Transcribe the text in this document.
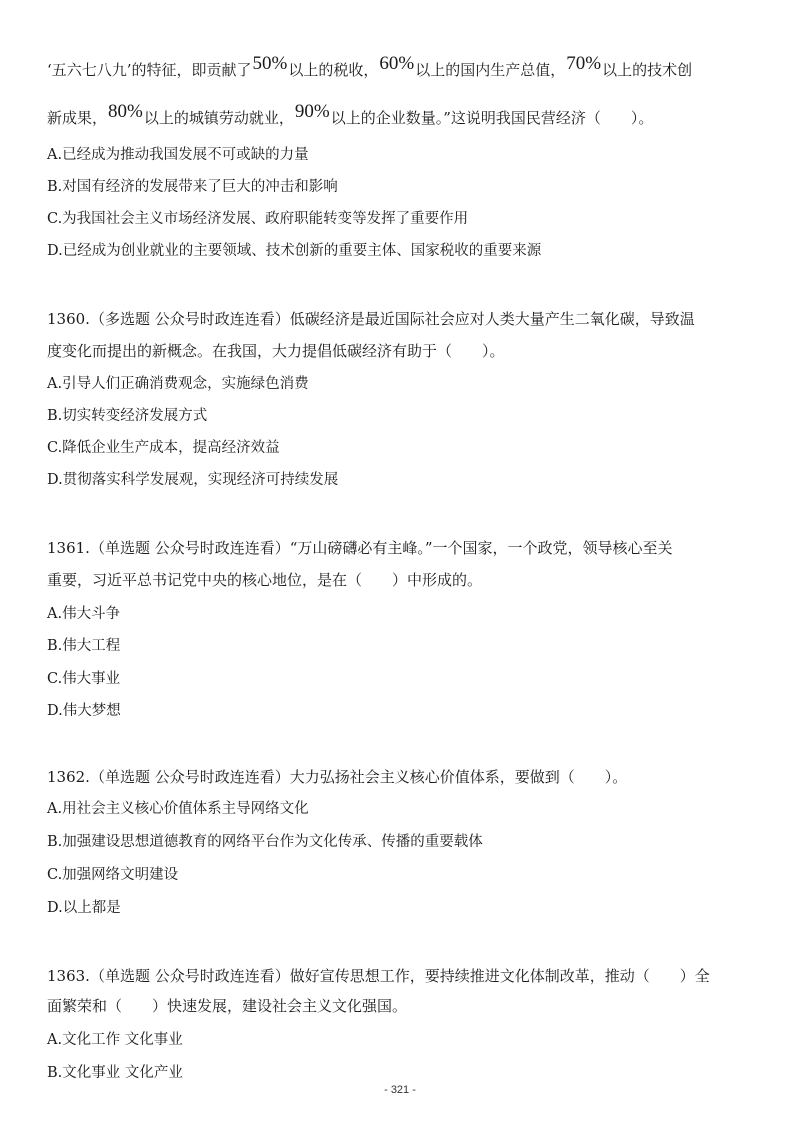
‘五六七八九’的特征，即贡献了50%以上的税收，60%以上的国内生产总值，70%以上的技术创
新成果，80%以上的城镇劳动就业，90%以上的企业数量。”这说明我国民营经济（　　）。
A.已经成为推动我国发展不可或缺的力量
B.对国有经济的发展带来了巨大的冲击和影响
C.为我国社会主义市场经济发展、政府职能转变等发挥了重要作用
D.已经成为创业就业的主要领域、技术创新的重要主体、国家税收的重要来源
1360.（多选题 公众号时政连连看）低碳经济是最近国际社会应对人类大量产生二氧化碳，导致温
度变化而提出的新概念。在我国，大力提倡低碳经济有助于（　　）。
A.引导人们正确消费观念，实施绿色消费
B.切实转变经济发展方式
C.降低企业生产成本，提高经济效益
D.贯彻落实科学发展观，实现经济可持续发展
1361.（单选题 公众号时政连连看）“万山磅礴必有主峰。”一个国家，一个政党，领导核心至关
重要，习近平总书记党中央的核心地位，是在（　　）中形成的。
A.伟大斗争
B.伟大工程
C.伟大事业
D.伟大梦想
1362.（单选题 公众号时政连连看）大力弘扬社会主义核心价值体系，要做到（　　）。
A.用社会主义核心价值体系主导网络文化
B.加强建设思想道德教育的网络平台作为文化传承、传播的重要载体
C.加强网络文明建设
D.以上都是
1363.（单选题 公众号时政连连看）做好宣传思想工作，要持续推进文化体制改革，推动（　　）全
面繁荣和（　　）快速发展，建设社会主义文化强国。
A.文化工作 文化事业
B.文化事业 文化产业
- 321 -
